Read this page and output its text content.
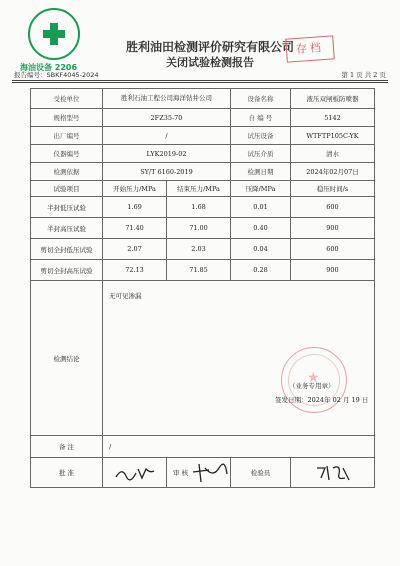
海油设备 2206
报告编号：SBKF4045-2024
胜利油田检测评价研究有限公司
关闭试验检测报告
存档
第 1 页 共 2 页
受检单位	胜利石油工程公司海洋钻井公司		设备名称	液压双闸板防喷器
规格型号	2FZ35-70		自 编 号	5142
出厂编号	/		试压设备	WTFTP105C-YK
仪器编号	LYK2019-02		试压介质	清水
检测依据	SY/T 6160-2019		检测日期	2024年02月07日
试验项目	开始压力/MPa	结束压力/MPa	压降/MPa	稳压时间/s
半封低压试验	1.69	1.68	0.01	600
半封高压试验	71.40	71.00	0.40	900
剪切全封低压试验	2.07	2.03	0.04	600
剪切全封高压试验	72.13	71.85	0.28	900
检测结论	无可见渗漏
★
（业务专用章）
签发日期：2024年 02 月 19 日			

备 注	/			
批 准		审 核	检验员	
